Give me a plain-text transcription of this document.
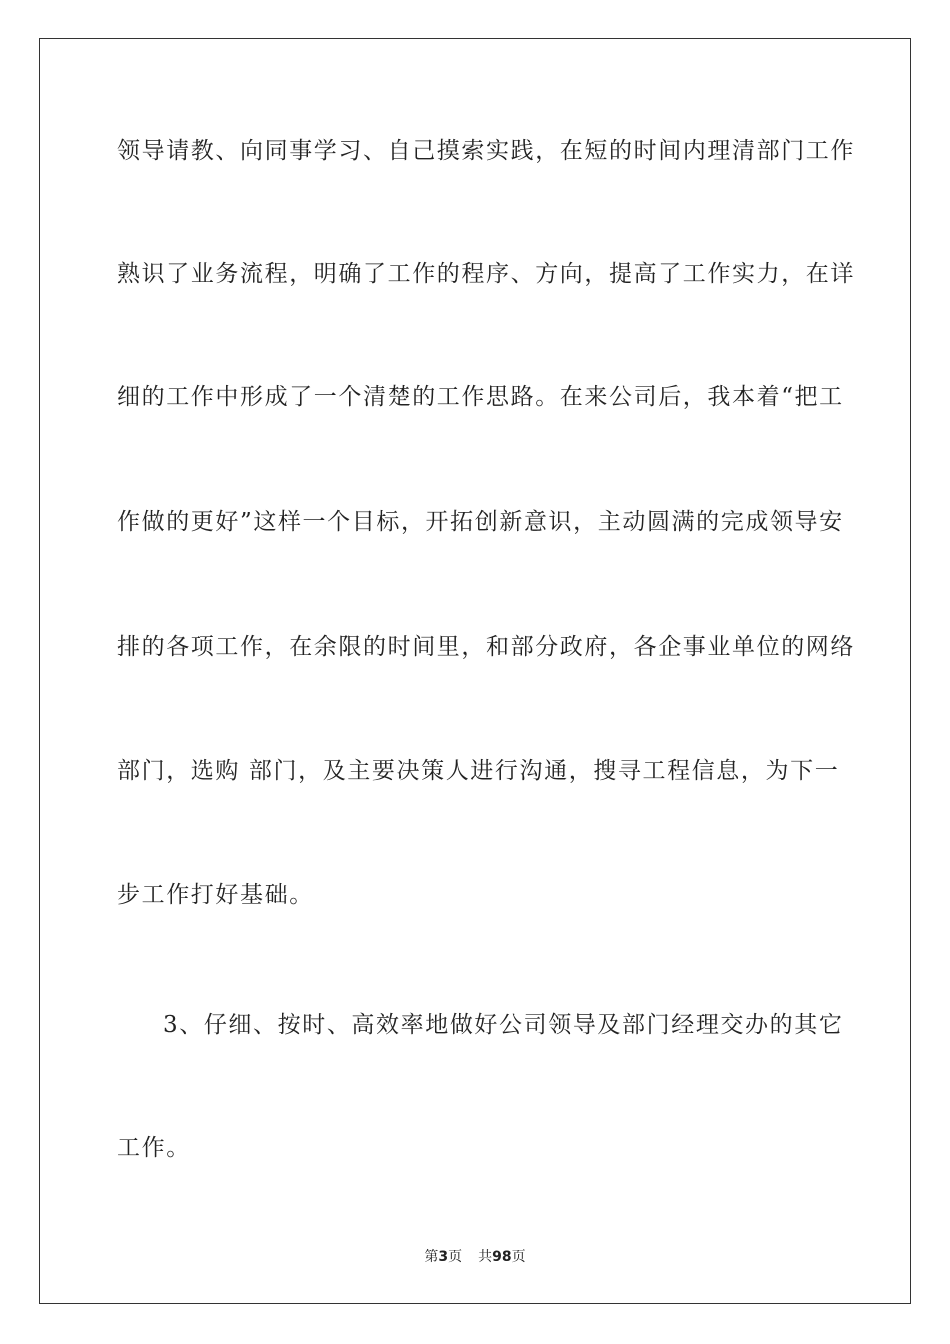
领导请教、向同事学习、自己摸索实践，在短的时间内理清部门工作
熟识了业务流程，明确了工作的程序、方向，提高了工作实力，在详
细的工作中形成了一个清楚的工作思路。在来公司后，我本着“把工
作做的更好”这样一个目标，开拓创新意识，主动圆满的完成领导安
排的各项工作，在余限的时间里，和部分政府，各企事业单位的网络
部门，选购 部门，及主要决策人进行沟通，搜寻工程信息，为下一
步工作打好基础。
3、仔细、按时、高效率地做好公司领导及部门经理交办的其它
工作。
第3页 共98页
